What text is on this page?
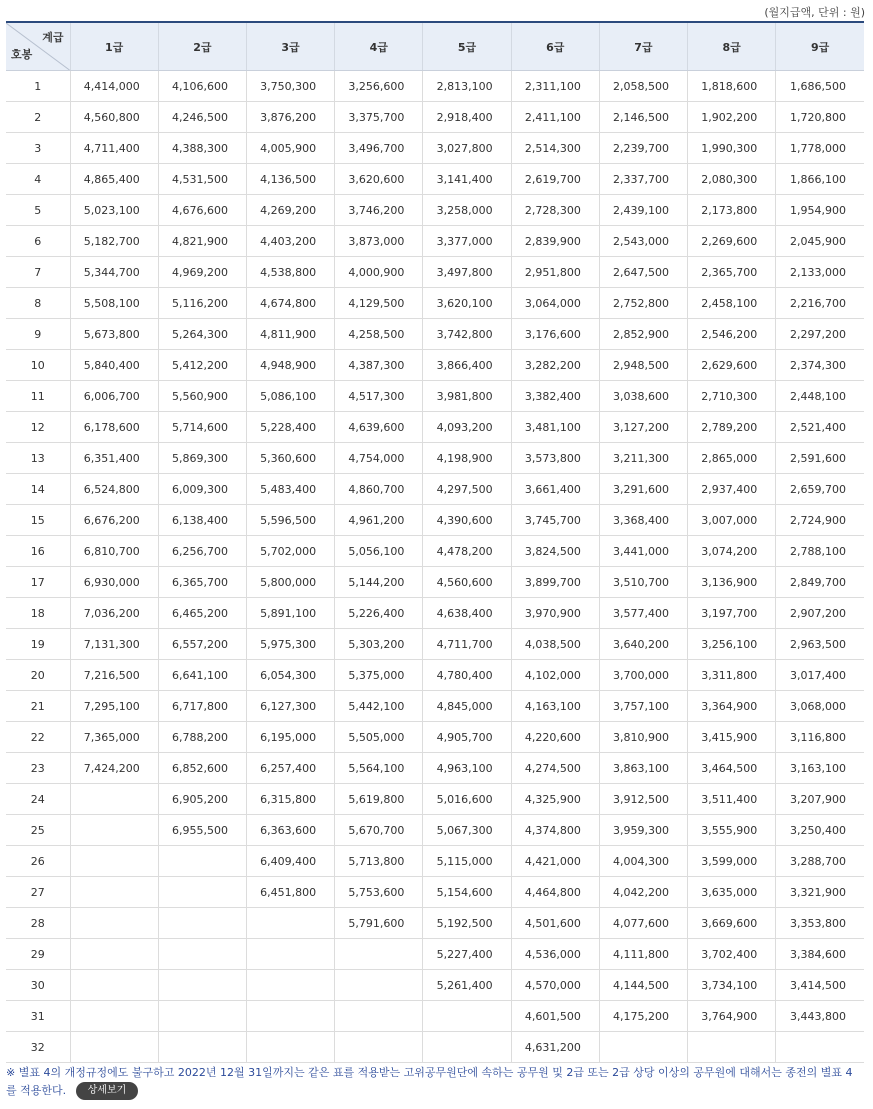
(월지급액, 단위 : 원)
계급
호봉	1급	2급	3급	4급	5급	6급	7급	8급	9급
1	4,414,000	4,106,600	3,750,300	3,256,600	2,813,100	2,311,100	2,058,500	1,818,600	1,686,500
2	4,560,800	4,246,500	3,876,200	3,375,700	2,918,400	2,411,100	2,146,500	1,902,200	1,720,800
3	4,711,400	4,388,300	4,005,900	3,496,700	3,027,800	2,514,300	2,239,700	1,990,300	1,778,000
4	4,865,400	4,531,500	4,136,500	3,620,600	3,141,400	2,619,700	2,337,700	2,080,300	1,866,100
5	5,023,100	4,676,600	4,269,200	3,746,200	3,258,000	2,728,300	2,439,100	2,173,800	1,954,900
6	5,182,700	4,821,900	4,403,200	3,873,000	3,377,000	2,839,900	2,543,000	2,269,600	2,045,900
7	5,344,700	4,969,200	4,538,800	4,000,900	3,497,800	2,951,800	2,647,500	2,365,700	2,133,000
8	5,508,100	5,116,200	4,674,800	4,129,500	3,620,100	3,064,000	2,752,800	2,458,100	2,216,700
9	5,673,800	5,264,300	4,811,900	4,258,500	3,742,800	3,176,600	2,852,900	2,546,200	2,297,200
10	5,840,400	5,412,200	4,948,900	4,387,300	3,866,400	3,282,200	2,948,500	2,629,600	2,374,300
11	6,006,700	5,560,900	5,086,100	4,517,300	3,981,800	3,382,400	3,038,600	2,710,300	2,448,100
12	6,178,600	5,714,600	5,228,400	4,639,600	4,093,200	3,481,100	3,127,200	2,789,200	2,521,400
13	6,351,400	5,869,300	5,360,600	4,754,000	4,198,900	3,573,800	3,211,300	2,865,000	2,591,600
14	6,524,800	6,009,300	5,483,400	4,860,700	4,297,500	3,661,400	3,291,600	2,937,400	2,659,700
15	6,676,200	6,138,400	5,596,500	4,961,200	4,390,600	3,745,700	3,368,400	3,007,000	2,724,900
16	6,810,700	6,256,700	5,702,000	5,056,100	4,478,200	3,824,500	3,441,000	3,074,200	2,788,100
17	6,930,000	6,365,700	5,800,000	5,144,200	4,560,600	3,899,700	3,510,700	3,136,900	2,849,700
18	7,036,200	6,465,200	5,891,100	5,226,400	4,638,400	3,970,900	3,577,400	3,197,700	2,907,200
19	7,131,300	6,557,200	5,975,300	5,303,200	4,711,700	4,038,500	3,640,200	3,256,100	2,963,500
20	7,216,500	6,641,100	6,054,300	5,375,000	4,780,400	4,102,000	3,700,000	3,311,800	3,017,400
21	7,295,100	6,717,800	6,127,300	5,442,100	4,845,000	4,163,100	3,757,100	3,364,900	3,068,000
22	7,365,000	6,788,200	6,195,000	5,505,000	4,905,700	4,220,600	3,810,900	3,415,900	3,116,800
23	7,424,200	6,852,600	6,257,400	5,564,100	4,963,100	4,274,500	3,863,100	3,464,500	3,163,100
24		6,905,200	6,315,800	5,619,800	5,016,600	4,325,900	3,912,500	3,511,400	3,207,900
25		6,955,500	6,363,600	5,670,700	5,067,300	4,374,800	3,959,300	3,555,900	3,250,400
26			6,409,400	5,713,800	5,115,000	4,421,000	4,004,300	3,599,000	3,288,700
27			6,451,800	5,753,600	5,154,600	4,464,800	4,042,200	3,635,000	3,321,900
28				5,791,600	5,192,500	4,501,600	4,077,600	3,669,600	3,353,800
29					5,227,400	4,536,000	4,111,800	3,702,400	3,384,600
30					5,261,400	4,570,000	4,144,500	3,734,100	3,414,500
31						4,601,500	4,175,200	3,764,900	3,443,800
32						4,631,200			
※ 별표 4의 개정규정에도 불구하고 2022년 12월 31일까지는 같은 표를 적용받는 고위공무원단에 속하는 공무원 및 2급 또는 2급 상당 이상의 공무원에 대해서는 종전의 별표 4를 적용한다. 상세보기
